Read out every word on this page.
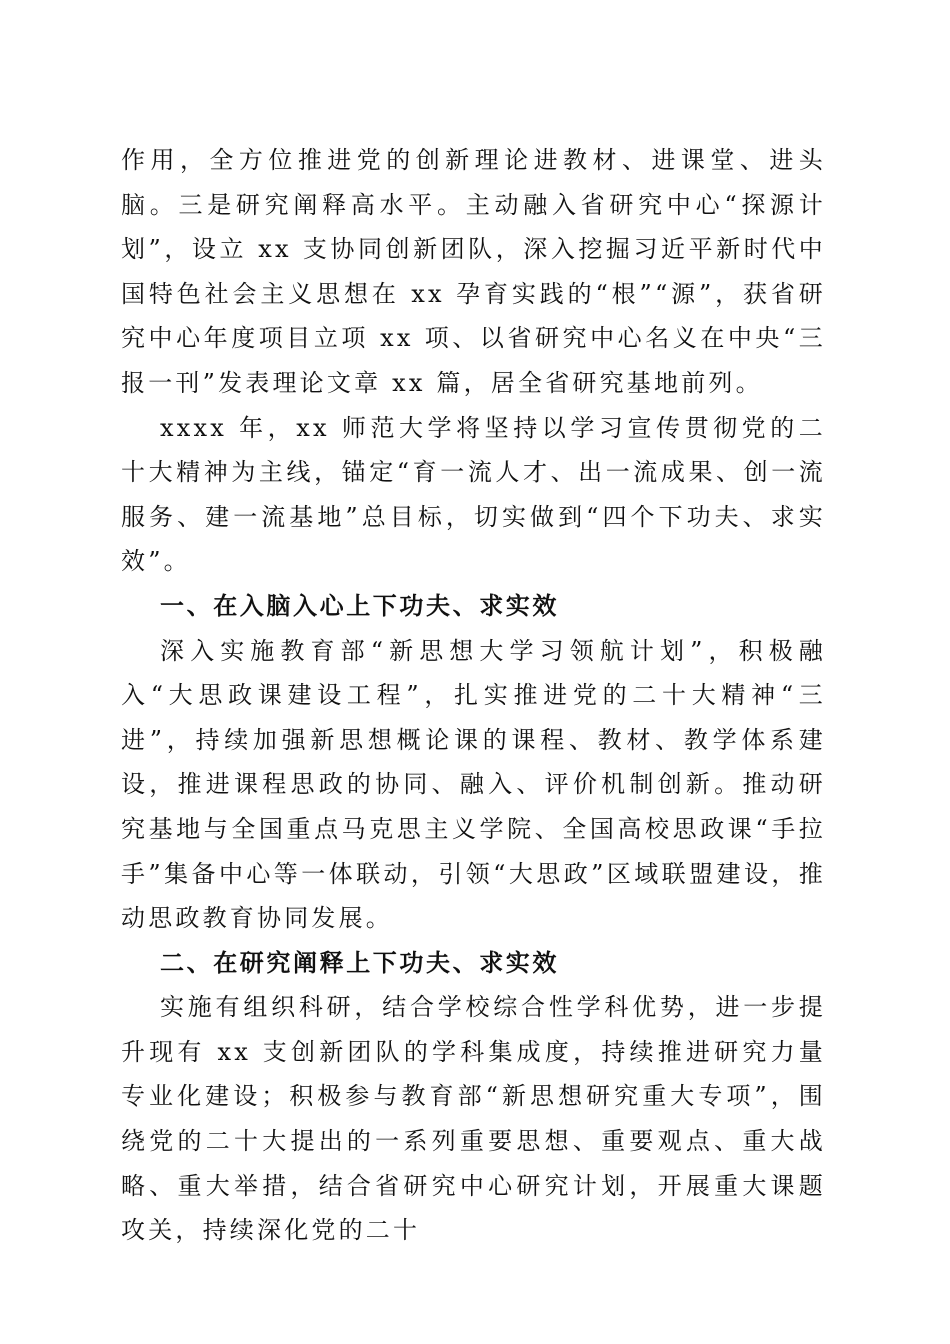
作用，全方位推进党的创新理论进教材、进课堂、进头脑。三是研究阐释高水平。主动融入省研究中心“探源计划”，设立 xx 支协同创新团队，深入挖掘习近平新时代中国特色社会主义思想在 xx 孕育实践的“根”“源”，获省研究中心年度项目立项 xx 项、以省研究中心名义在中央“三报一刊”发表理论文章 xx 篇，居全省研究基地前列。

xxxx 年，xx 师范大学将坚持以学习宣传贯彻党的二十大精神为主线，锚定“育一流人才、出一流成果、创一流服务、建一流基地”总目标，切实做到“四个下功夫、求实效”。

一、在入脑入心上下功夫、求实效

深入实施教育部“新思想大学习领航计划”，积极融入“大思政课建设工程”，扎实推进党的二十大精神“三进”，持续加强新思想概论课的课程、教材、教学体系建设，推进课程思政的协同、融入、评价机制创新。推动研究基地与全国重点马克思主义学院、全国高校思政课“手拉手”集备中心等一体联动，引领“大思政”区域联盟建设，推动思政教育协同发展。

二、在研究阐释上下功夫、求实效

实施有组织科研，结合学校综合性学科优势，进一步提升现有 xx 支创新团队的学科集成度，持续推进研究力量专业化建设；积极参与教育部“新思想研究重大专项”，围绕党的二十大提出的一系列重要思想、重要观点、重大战略、重大举措，结合省研究中心研究计划，开展重大课题攻关，持续深化党的二十
